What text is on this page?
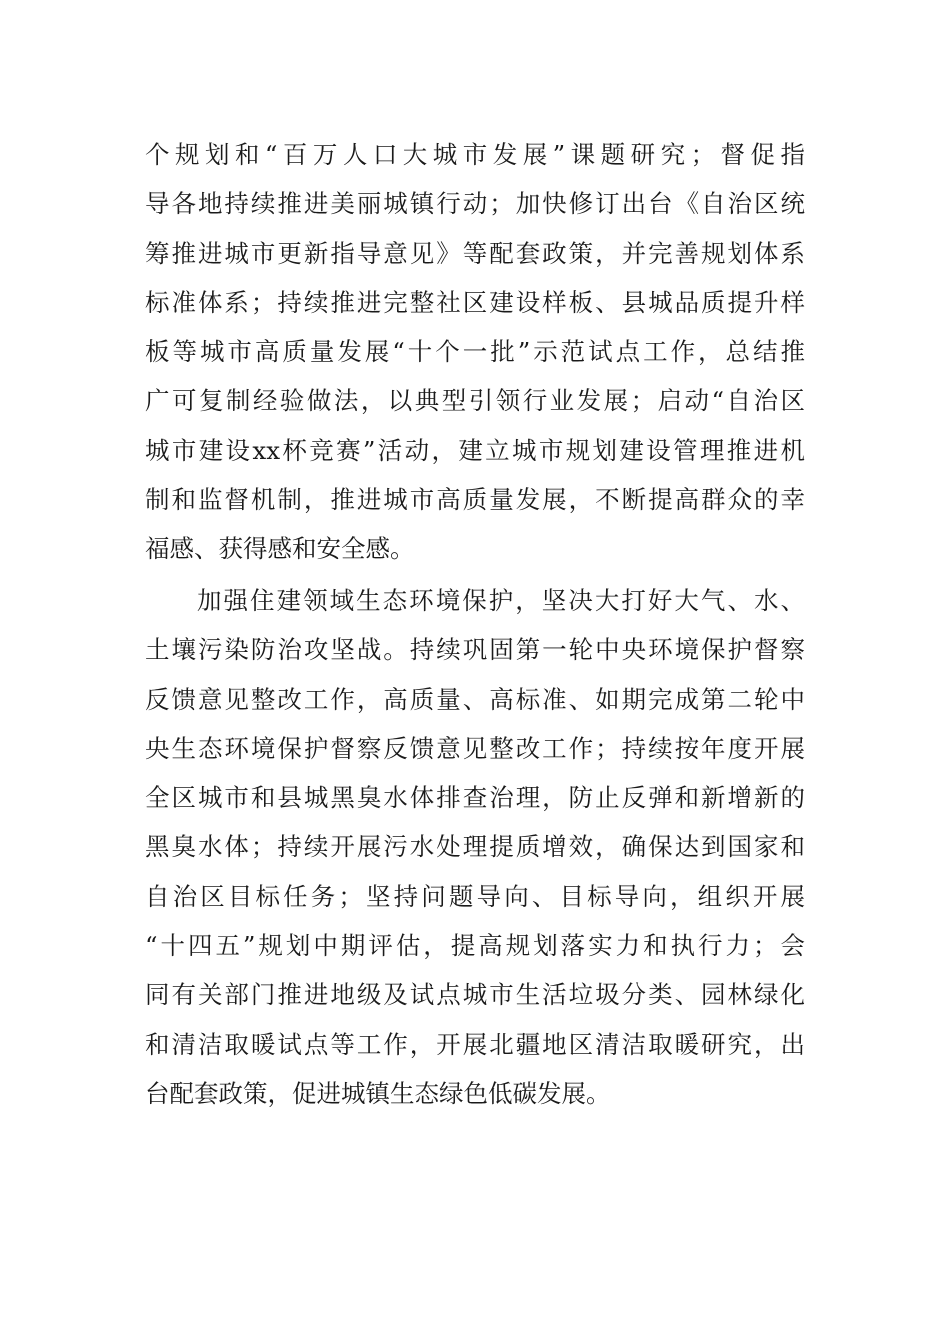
个规划和“百万人口大城市发展”课题研究；督促指
导各地持续推进美丽城镇行动；加快修订出台《自治区统
筹推进城市更新指导意见》等配套政策，并完善规划体系
标准体系；持续推进完整社区建设样板、县城品质提升样
板等城市高质量发展“十个一批”示范试点工作，总结推
广可复制经验做法，以典型引领行业发展；启动“自治区
城市建设xx杯竞赛”活动，建立城市规划建设管理推进机
制和监督机制，推进城市高质量发展，不断提高群众的幸
福感、获得感和安全感。
加强住建领域生态环境保护，坚决大打好大气、水、
土壤污染防治攻坚战。持续巩固第一轮中央环境保护督察
反馈意见整改工作，高质量、高标准、如期完成第二轮中
央生态环境保护督察反馈意见整改工作；持续按年度开展
全区城市和县城黑臭水体排查治理，防止反弹和新增新的
黑臭水体；持续开展污水处理提质增效，确保达到国家和
自治区目标任务；坚持问题导向、目标导向，组织开展
“十四五”规划中期评估，提高规划落实力和执行力；会
同有关部门推进地级及试点城市生活垃圾分类、园林绿化
和清洁取暖试点等工作，开展北疆地区清洁取暖研究，出
台配套政策，促进城镇生态绿色低碳发展。
